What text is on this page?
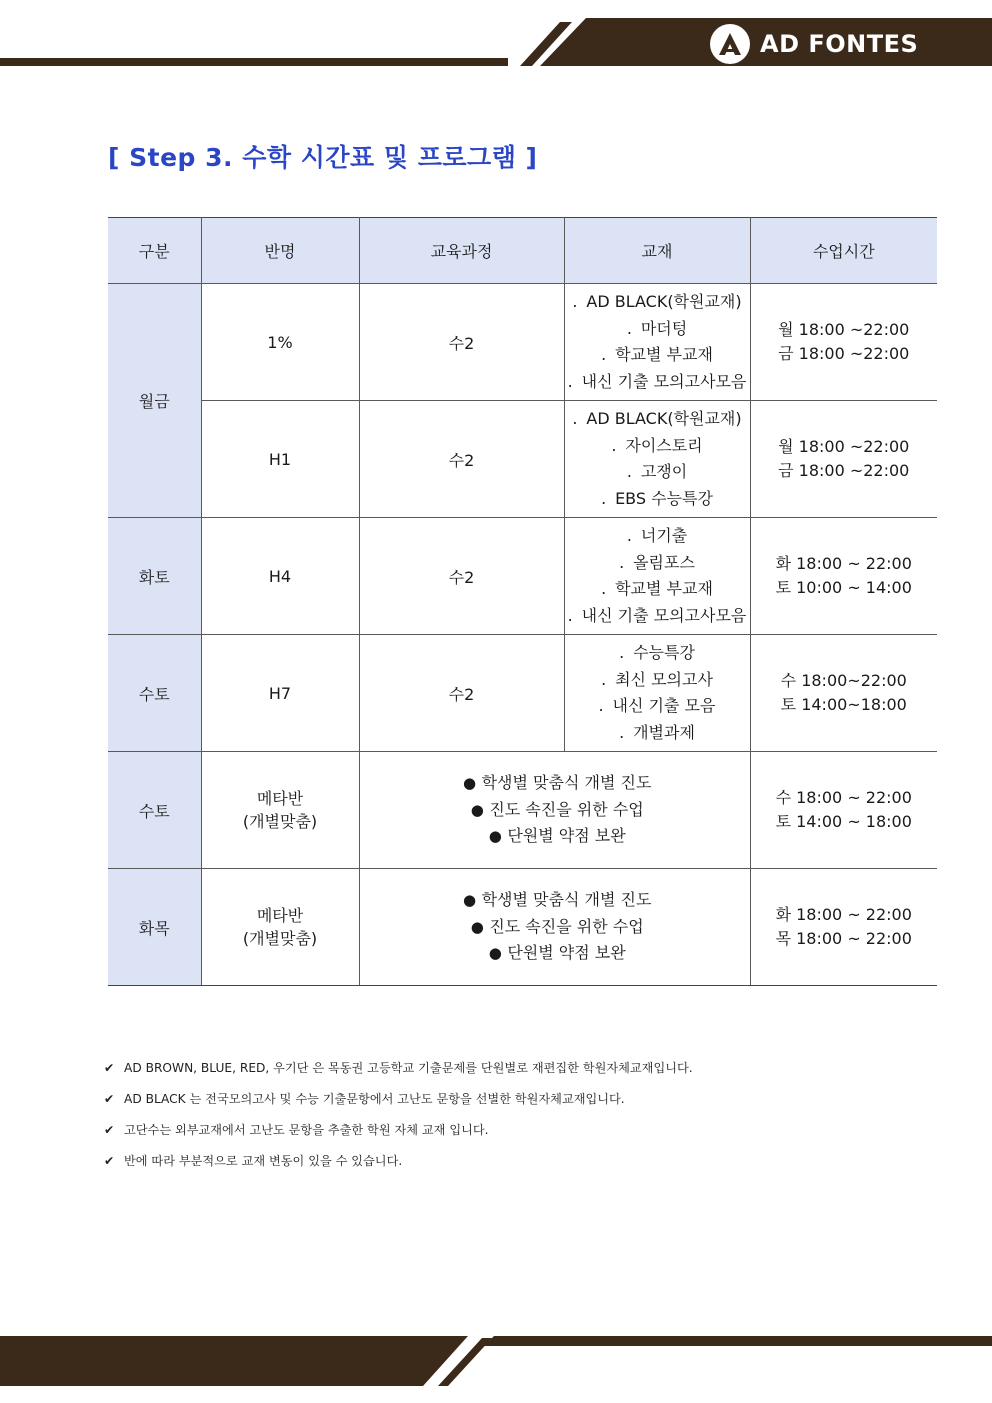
AD FONTES
[ Step 3. 수학 시간표 및 프로그램 ]
구분	반명	교육과정	교재	수업시간
월금	1%	수2	. AD BLACK(학원교재)
. 마더텅
. 학교별 부교재
. 내신 기출 모의고사모음	월 18:00 ~22:00
금 18:00 ~22:00

	H1	수2	. AD BLACK(학원교재)
. 자이스토리
. 고쟁이
. EBS 수능특강	월 18:00 ~22:00
금 18:00 ~22:00

화토	H4	수2	. 너기출
. 올림포스
. 학교별 부교재
. 내신 기출 모의고사모음	화 18:00 ~ 22:00
토 10:00 ~ 14:00

수토	H7	수2	. 수능특강
. 최신 모의고사
. 내신 기출 모음
. 개별과제	수 18:00~22:00
토 14:00~18:00

수토	메타반
(개별맞춤)	● 학생별 맞춤식 개별 진도
● 진도 속진을 위한 수업
● 단원별 약점 보완		수 18:00 ~ 22:00
토 14:00 ~ 18:00

화목	메타반
(개별맞춤)	● 학생별 맞춤식 개별 진도
● 진도 속진을 위한 수업
● 단원별 약점 보완		화 18:00 ~ 22:00
목 18:00 ~ 22:00
✔ AD BROWN, BLUE, RED, 우기단 은 목동권 고등학교 기출문제를 단원별로 재편집한 학원자체교재입니다.
✔ AD BLACK 는 전국모의고사 및 수능 기출문항에서 고난도 문항을 선별한 학원자체교재입니다.
✔ 고단수는 외부교재에서 고난도 문항을 추출한 학원 자체 교재 입니다.
✔ 반에 따라 부분적으로 교재 변동이 있을 수 있습니다.
